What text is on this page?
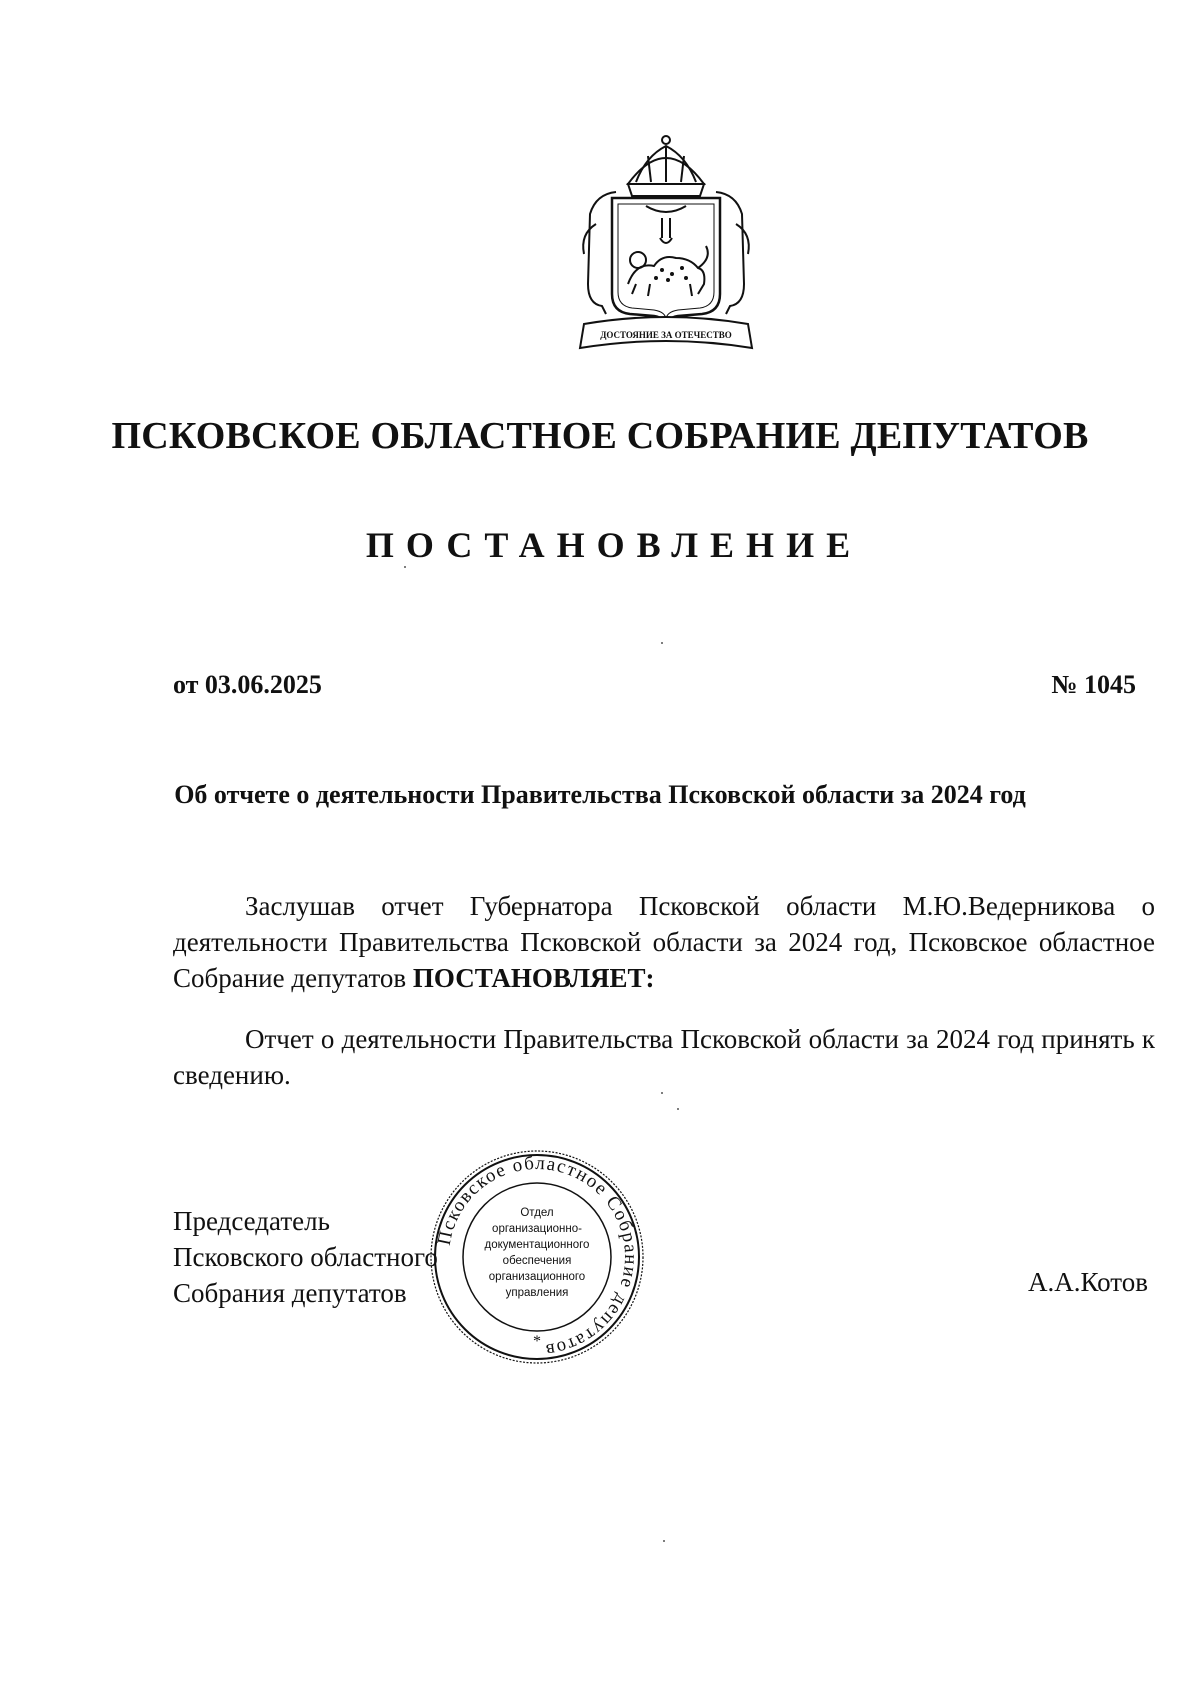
ДОСТОЯНИЕ ЗА ОТЕЧЕСТВО
ПСКОВСКОЕ ОБЛАСТНОЕ СОБРАНИЕ ДЕПУТАТОВ
ПОСТАНОВЛЕНИЕ
от 03.06.2025	№ 1045
Об отчете о деятельности Правительства Псковской области за 2024 год

Заслушав отчет Губернатора Псковской области М.Ю.Ведерникова о деятельности Правительства Псковской области за 2024 год, Псковское областное Собрание депутатов ПОСТАНОВЛЯЕТ:

Отчет о деятельности Правительства Псковской области за 2024 год принять к сведению.

Председатель
Псковского областного
Собрания депутатов	А.А.Котов
Псковское областное Собрание депутатов
Отдел
организационно-
документационного
обеспечения
организационного
управления
*
